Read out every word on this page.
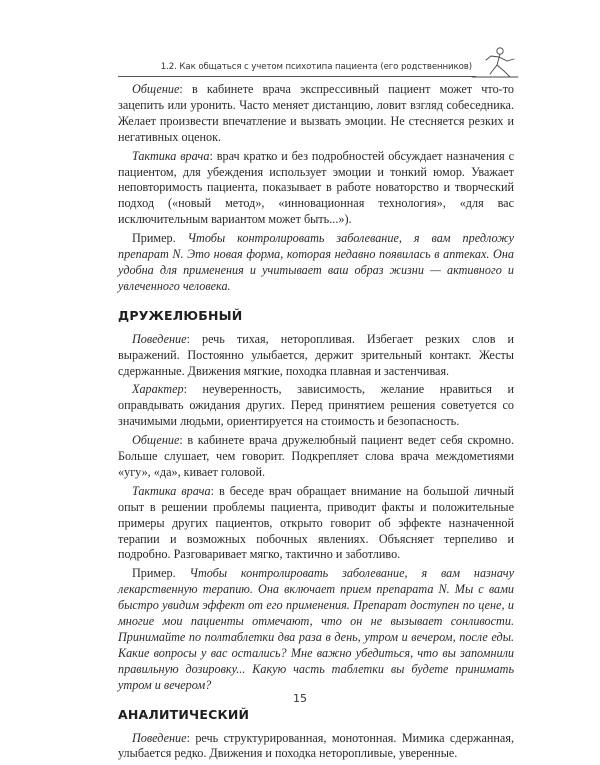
1.2. Как общаться с учетом психотипа пациента (его родственников)

Общение: в кабинете врача экспрессивный пациент может что-то зацепить или уронить. Часто меняет дистанцию, ловит взгляд собеседника. Желает произвести впечатление и вызвать эмоции. Не стесняется резких и негативных оценок.

Тактика врача: врач кратко и без подробностей обсуждает назначения с пациентом, для убеждения использует эмоции и тонкий юмор. Уважает неповторимость пациента, показывает в работе новаторство и творческий подход («новый метод», «инновационная технология», «для вас исключительным вариантом может быть...»).

Пример. Чтобы контролировать заболевание, я вам предложу препарат N. Это новая форма, которая недавно появилась в аптеках. Она удобна для применения и учитывает ваш образ жизни — активного и увлеченного человека.

ДРУЖЕЛЮБНЫЙ

Поведение: речь тихая, неторопливая. Избегает резких слов и выражений. Постоянно улыбается, держит зрительный контакт. Жесты сдержанные. Движения мягкие, походка плавная и застенчивая.

Характер: неуверенность, зависимость, желание нравиться и оправдывать ожидания других. Перед принятием решения советуется со значимыми людьми, ориентируется на стоимость и безопасность.

Общение: в кабинете врача дружелюбный пациент ведет себя скромно. Больше слушает, чем говорит. Подкрепляет слова врача междометиями «угу», «да», кивает головой.

Тактика врача: в беседе врач обращает внимание на большой личный опыт в решении проблемы пациента, приводит факты и положительные примеры других пациентов, открыто говорит об эффекте назначенной терапии и возможных побочных явлениях. Объясняет терпеливо и подробно. Разговаривает мягко, тактично и заботливо.

Пример. Чтобы контролировать заболевание, я вам назначу лекарственную терапию. Она включает прием препарата N. Мы с вами быстро увидим эффект от его применения. Препарат доступен по цене, и многие мои пациенты отмечают, что он не вызывает сонливости. Принимайте по полтаблетки два раза в день, утром и вечером, после еды. Какие вопросы у вас остались? Мне важно убедиться, что вы запомнили правильную дозировку... Какую часть таблетки вы будете принимать утром и вечером?

АНАЛИТИЧЕСКИЙ

Поведение: речь структурированная, монотонная. Мимика сдержанная, улыбается редко. Движения и походка неторопливые, уверенные.

15
